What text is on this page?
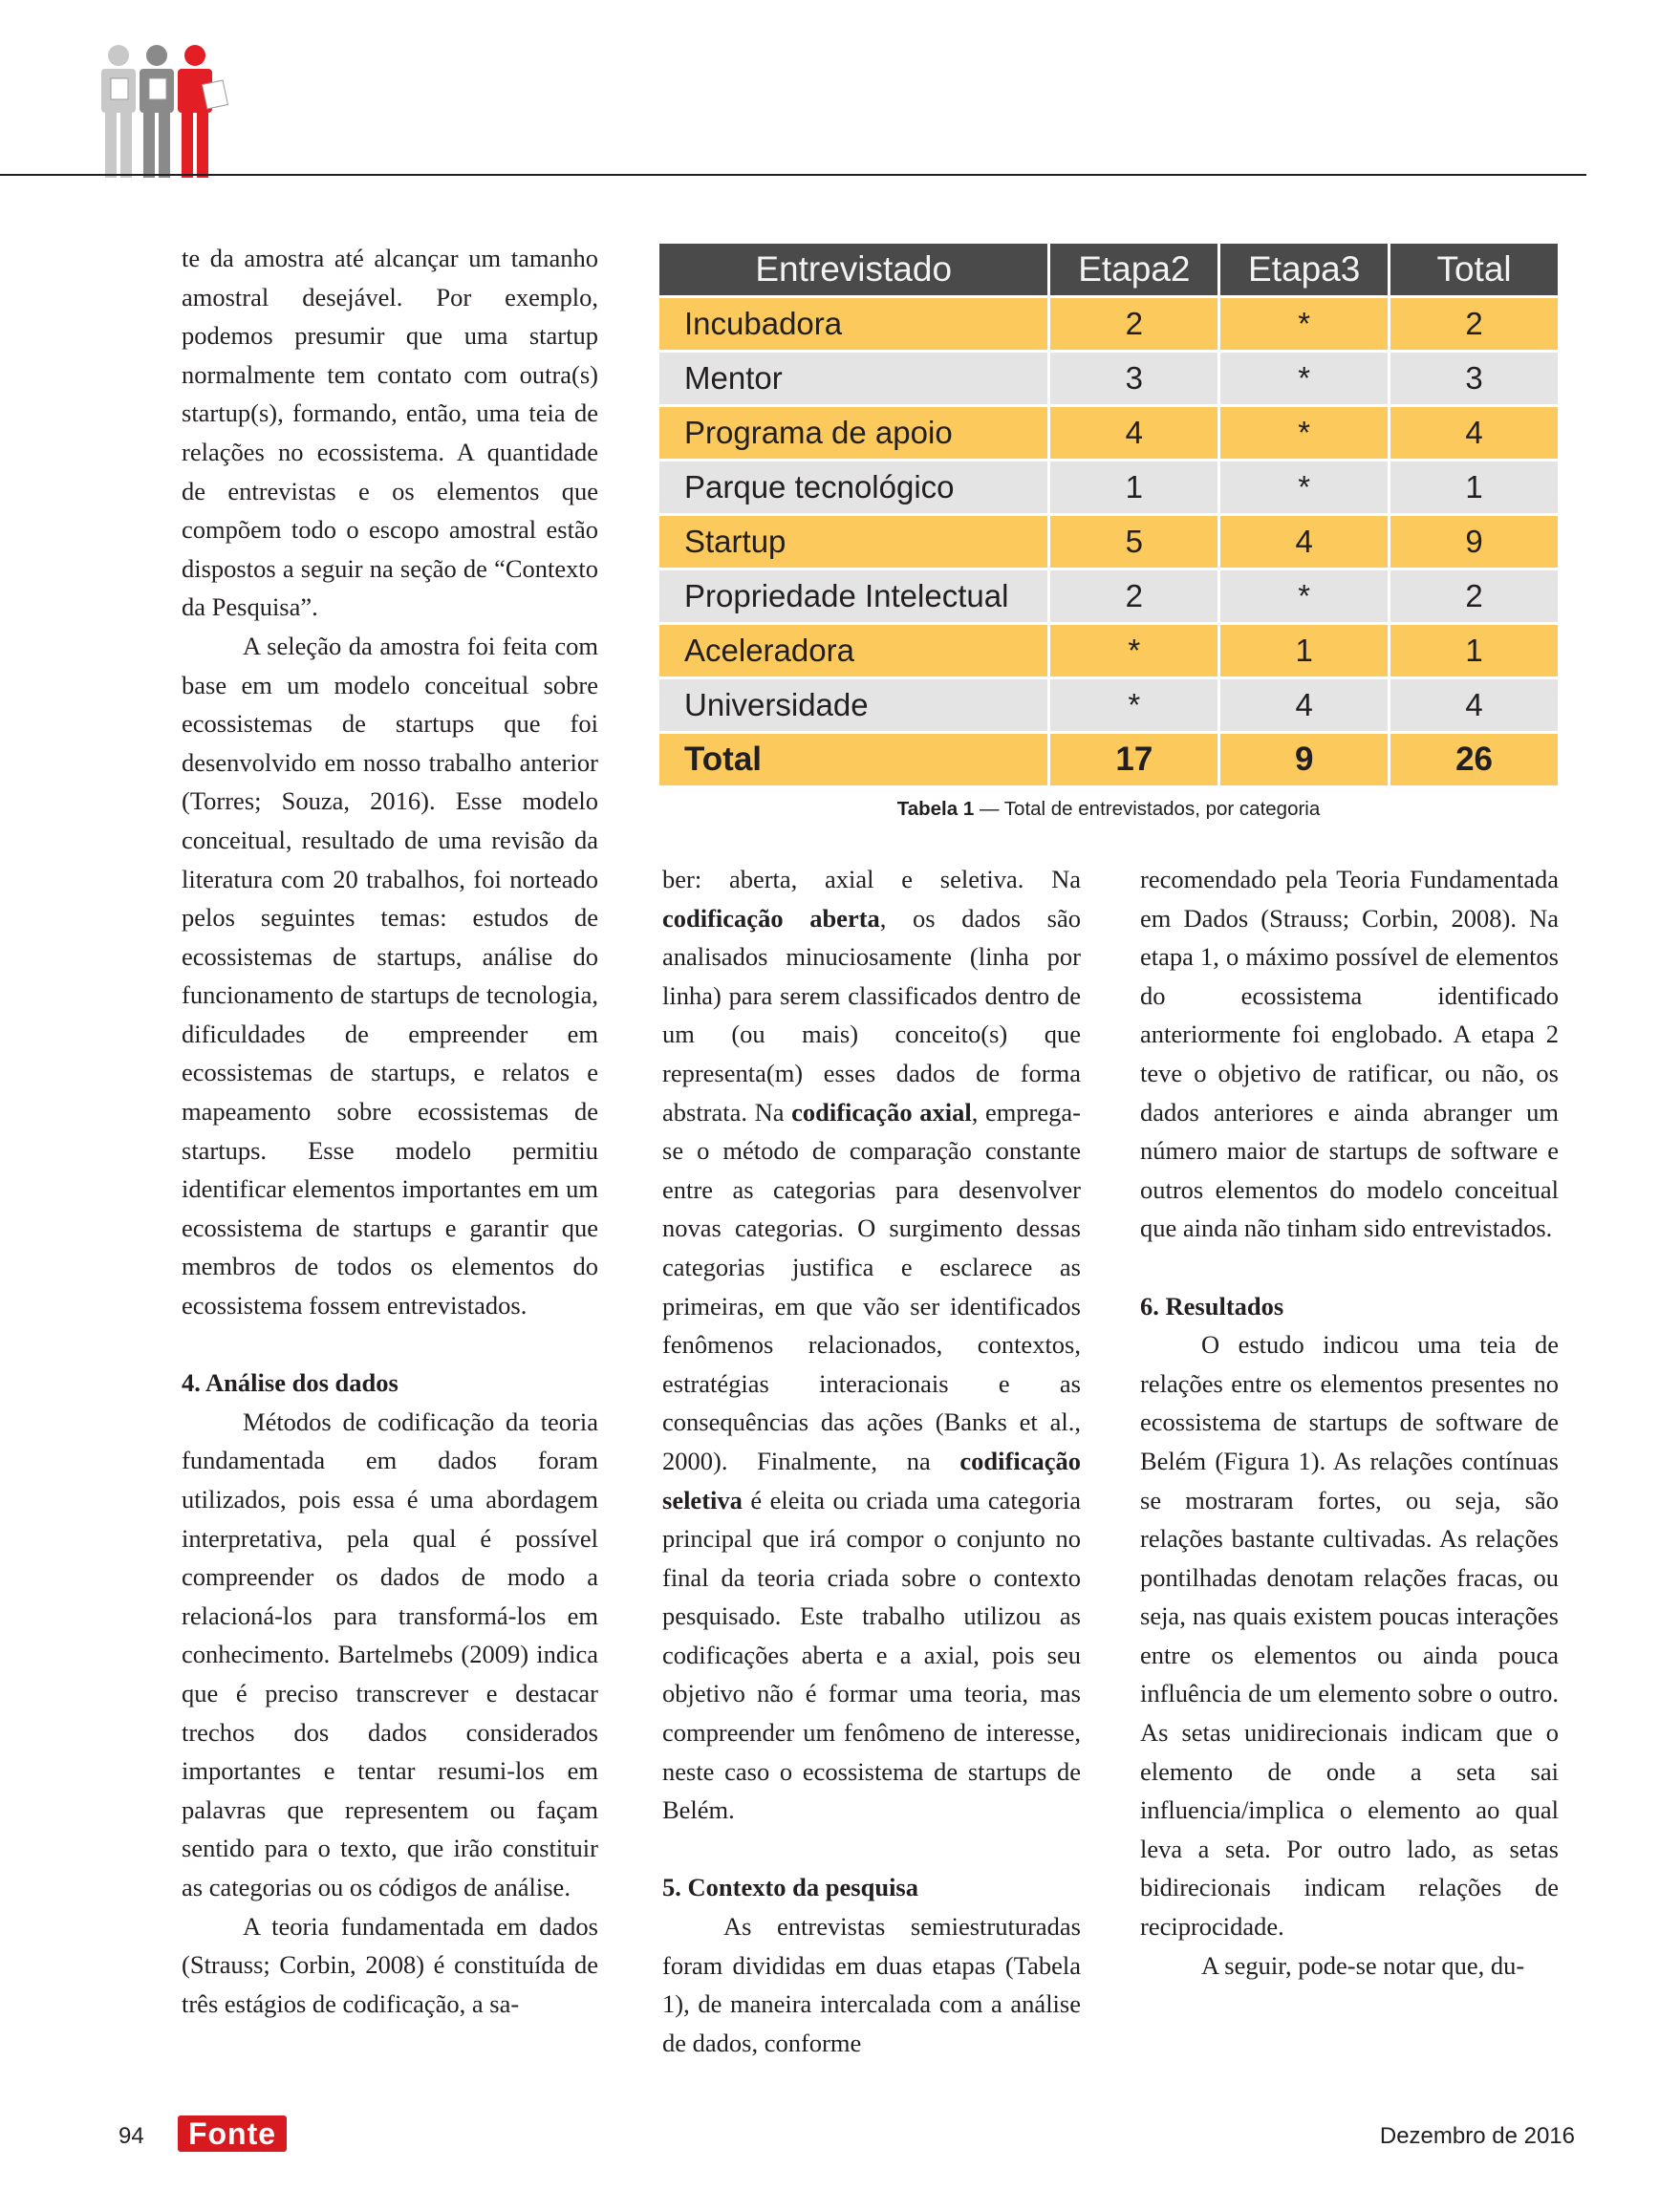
te da amostra até alcançar um tamanho amostral desejável. Por exemplo, podemos presumir que uma startup normalmente tem contato com outra(s) startup(s), formando, então, uma teia de relações no ecossistema. A quantidade de entrevistas e os elementos que compõem todo o escopo amostral estão dispostos a seguir na seção de “Contexto da Pesquisa”.

A seleção da amostra foi feita com base em um modelo conceitual sobre ecossistemas de startups que foi desenvolvido em nosso trabalho anterior (Torres; Souza, 2016). Esse modelo conceitual, resultado de uma revisão da literatura com 20 trabalhos, foi norteado pelos seguintes temas: estudos de ecossistemas de startups, análise do funcionamento de startups de tecnologia, dificuldades de empreender em ecossistemas de startups, e relatos e mapeamento sobre ecossistemas de startups. Esse modelo permitiu identificar elementos importantes em um ecossistema de startups e garantir que membros de todos os elementos do ecossistema fossem entrevistados.

4. Análise dos dados

Métodos de codificação da teoria fundamentada em dados foram utilizados, pois essa é uma abordagem interpretativa, pela qual é possível compreender os dados de modo a relacioná-los para transformá-los em conhecimento. Bartelmebs (2009) indica que é preciso transcrever e destacar trechos dos dados considerados importantes e tentar resumi-los em palavras que representem ou façam sentido para o texto, que irão constituir as categorias ou os códigos de análise.

A teoria fundamentada em dados (Strauss; Corbin, 2008) é constituída de três estágios de codificação, a sa-

Entrevistado	Etapa2	Etapa3	Total
Incubadora	2	*	2
Mentor	3	*	3
Programa de apoio	4	*	4
Parque tecnológico	1	*	1
Startup	5	4	9
Propriedade Intelectual	2	*	2
Aceleradora	*	1	1
Universidade	*	4	4
Total	17	9	26
Tabela 1 — Total de entrevistados, por categoria

ber: aberta, axial e seletiva. Na codificação aberta, os dados são analisados minuciosamente (linha por linha) para serem classificados dentro de um (ou mais) conceito(s) que representa(m) esses dados de forma abstrata. Na codificação axial, emprega-se o método de comparação constante entre as categorias para desenvolver novas categorias. O surgimento dessas categorias justifica e esclarece as primeiras, em que vão ser identificados fenômenos relacionados, contextos, estratégias interacionais e as consequências das ações (Banks et al., 2000). Finalmente, na codificação seletiva é eleita ou criada uma categoria principal que irá compor o conjunto no final da teoria criada sobre o contexto pesquisado. Este trabalho utilizou as codificações aberta e a axial, pois seu objetivo não é formar uma teoria, mas compreender um fenômeno de interesse, neste caso o ecossistema de startups de Belém.

5. Contexto da pesquisa

As entrevistas semiestruturadas foram divididas em duas etapas (Tabela 1), de maneira intercalada com a análise de dados, conforme

recomendado pela Teoria Fundamentada em Dados (Strauss; Corbin, 2008). Na etapa 1, o máximo possível de elementos do ecossistema identificado anteriormente foi englobado. A etapa 2 teve o objetivo de ratificar, ou não, os dados anteriores e ainda abranger um número maior de startups de software e outros elementos do modelo conceitual que ainda não tinham sido entrevistados.

6. Resultados

O estudo indicou uma teia de relações entre os elementos presentes no ecossistema de startups de software de Belém (Figura 1). As relações contínuas se mostraram fortes, ou seja, são relações bastante cultivadas. As relações pontilhadas denotam relações fracas, ou seja, nas quais existem poucas interações entre os elementos ou ainda pouca influência de um elemento sobre o outro. As setas unidirecionais indicam que o elemento de onde a seta sai influencia/implica o elemento ao qual leva a seta. Por outro lado, as setas bidirecionais indicam relações de reciprocidade.

A seguir, pode-se notar que, du-

94	Fonte	Dezembro de 2016
